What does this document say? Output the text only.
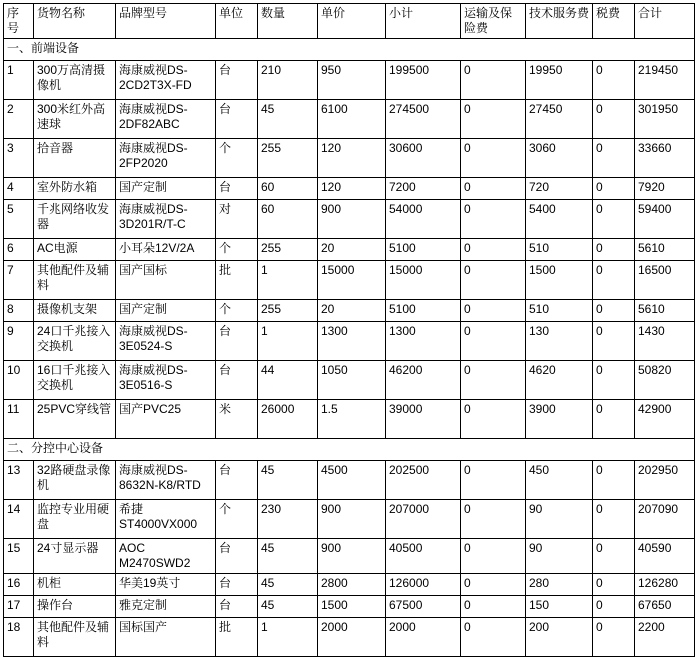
序号	货物名称	品牌型号	单位	数量	单价	小计	运输及保险费	技术服务费	税费	合计
一、前端设备										
1	300万高清摄像机	海康威视DS-2CD2T3X-FD	台	210	950	199500	0	19950	0	219450
2	300米红外高速球	海康威视DS-2DF82ABC	台	45	6100	274500	0	27450	0	301950
3	拾音器	海康威视DS-2FP2020	个	255	120	30600	0	3060	0	33660
4	室外防水箱	国产定制	台	60	120	7200	0	720	0	7920
5	千兆网络收发器	海康威视DS-3D201R/T-C	对	60	900	54000	0	5400	0	59400
6	AC电源	小耳朵12V/2A	个	255	20	5100	0	510	0	5610
7	其他配件及辅料	国产国标	批	1	15000	15000	0	1500	0	16500
8	摄像机支架	国产定制	个	255	20	5100	0	510	0	5610
9	24口千兆接入交换机	海康威视DS-3E0524-S	台	1	1300	1300	0	130	0	1430
10	16口千兆接入交换机	海康威视DS-3E0516-S	台	44	1050	46200	0	4620	0	50820
11	25PVC穿线管	国产PVC25	米	26000	1.5	39000	0	3900	0	42900
二、分控中心设备										
13	32路硬盘录像机	海康威视DS-8632N-K8/RTD	台	45	4500	202500	0	450	0	202950
14	监控专业用硬盘	希捷ST4000VX000	个	230	900	207000	0	90	0	207090
15	24寸显示器	AOC M2470SWD2	台	45	900	40500	0	90	0	40590
16	机柜	华美19英寸	台	45	2800	126000	0	280	0	126280
17	操作台	雅克定制	台	45	1500	67500	0	150	0	67650
18	其他配件及辅料	国标国产	批	1	2000	2000	0	200	0	2200
